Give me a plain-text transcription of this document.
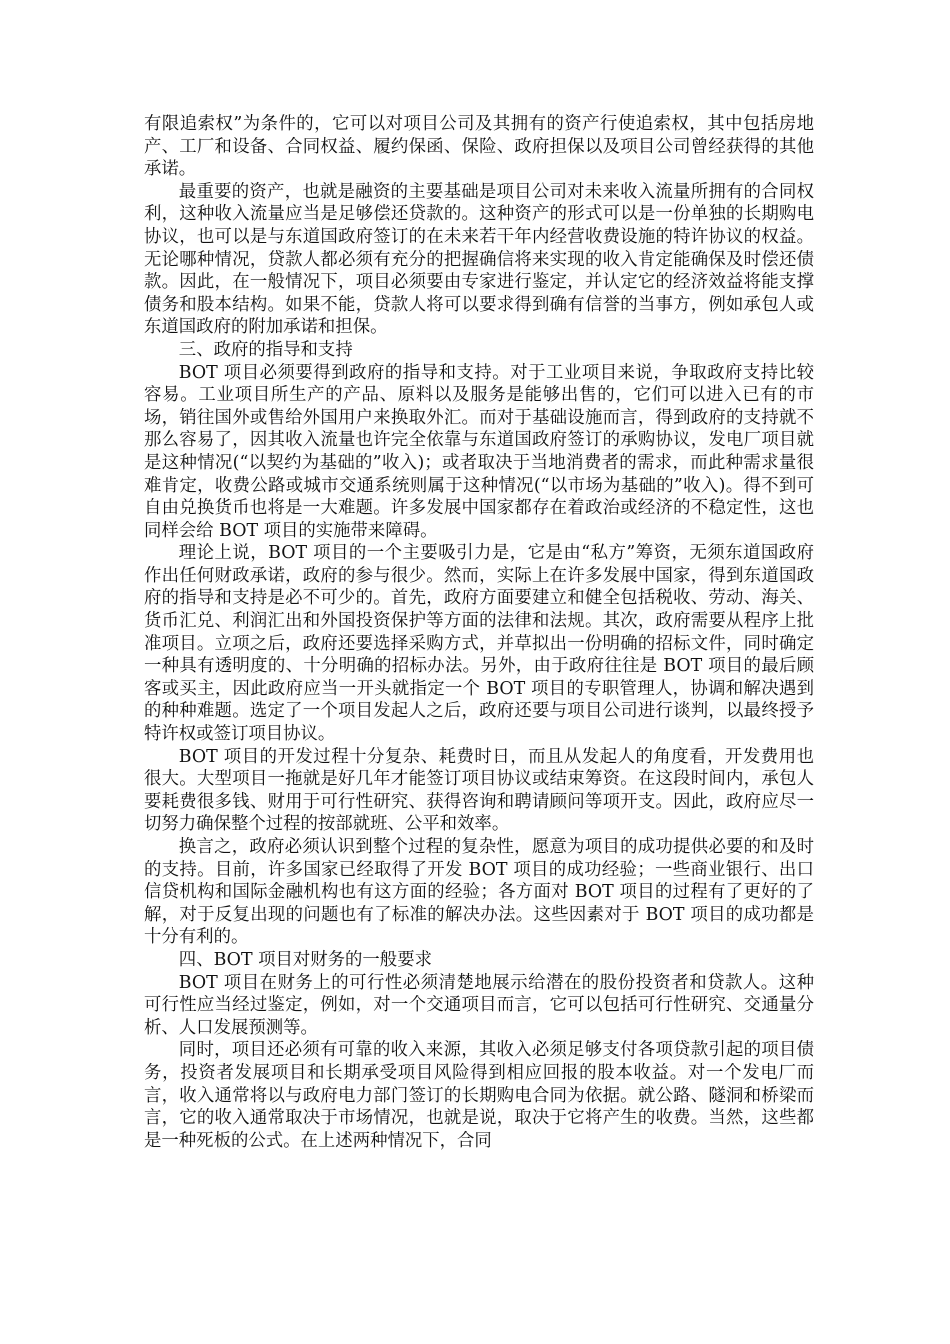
有限追索权”为条件的，它可以对项目公司及其拥有的资产行使追索权，其中包括房地产、工厂和设备、合同权益、履约保函、保险、政府担保以及项目公司曾经获得的其他承诺。

最重要的资产，也就是融资的主要基础是项目公司对未来收入流量所拥有的合同权利，这种收入流量应当是足够偿还贷款的。这种资产的形式可以是一份单独的长期购电协议，也可以是与东道国政府签订的在未来若干年内经营收费设施的特许协议的权益。无论哪种情况，贷款人都必须有充分的把握确信将来实现的收入肯定能确保及时偿还债款。因此，在一般情况下，项目必须要由专家进行鉴定，并认定它的经济效益将能支撑债务和股本结构。如果不能，贷款人将可以要求得到确有信誉的当事方，例如承包人或东道国政府的附加承诺和担保。

三、政府的指导和支持

BOT 项目必须要得到政府的指导和支持。对于工业项目来说，争取政府支持比较容易。工业项目所生产的产品、原料以及服务是能够出售的，它们可以进入已有的市场，销往国外或售给外国用户来换取外汇。而对于基础设施而言，得到政府的支持就不那么容易了，因其收入流量也许完全依靠与东道国政府签订的承购协议，发电厂项目就是这种情况(“以契约为基础的”收入)；或者取决于当地消费者的需求，而此种需求量很难肯定，收费公路或城市交通系统则属于这种情况(“以市场为基础的”收入)。得不到可自由兑换货币也将是一大难题。许多发展中国家都存在着政治或经济的不稳定性，这也同样会给 BOT 项目的实施带来障碍。

理论上说，BOT 项目的一个主要吸引力是，它是由“私方”筹资，无须东道国政府作出任何财政承诺，政府的参与很少。然而，实际上在许多发展中国家，得到东道国政府的指导和支持是必不可少的。首先，政府方面要建立和健全包括税收、劳动、海关、货币汇兑、利润汇出和外国投资保护等方面的法律和法规。其次，政府需要从程序上批准项目。立项之后，政府还要选择采购方式，并草拟出一份明确的招标文件，同时确定一种具有透明度的、十分明确的招标办法。另外，由于政府往往是 BOT 项目的最后顾客或买主，因此政府应当一开头就指定一个 BOT 项目的专职管理人，协调和解决遇到的种种难题。选定了一个项目发起人之后，政府还要与项目公司进行谈判，以最终授予特许权或签订项目协议。

BOT 项目的开发过程十分复杂、耗费时日，而且从发起人的角度看，开发费用也很大。大型项目一拖就是好几年才能签订项目协议或结束筹资。在这段时间内，承包人要耗费很多钱、财用于可行性研究、获得咨询和聘请顾问等项开支。因此，政府应尽一切努力确保整个过程的按部就班、公平和效率。

换言之，政府必须认识到整个过程的复杂性，愿意为项目的成功提供必要的和及时的支持。目前，许多国家已经取得了开发 BOT 项目的成功经验；一些商业银行、出口信贷机构和国际金融机构也有这方面的经验；各方面对 BOT 项目的过程有了更好的了解，对于反复出现的问题也有了标准的解决办法。这些因素对于 BOT 项目的成功都是十分有利的。

四、BOT 项目对财务的一般要求

BOT 项目在财务上的可行性必须清楚地展示给潜在的股份投资者和贷款人。这种可行性应当经过鉴定，例如，对一个交通项目而言，它可以包括可行性研究、交通量分析、人口发展预测等。

同时，项目还必须有可靠的收入来源，其收入必须足够支付各项贷款引起的项目债务，投资者发展项目和长期承受项目风险得到相应回报的股本收益。对一个发电厂而言，收入通常将以与政府电力部门签订的长期购电合同为依据。就公路、隧洞和桥梁而言，它的收入通常取决于市场情况，也就是说，取决于它将产生的收费。当然，这些都是一种死板的公式。在上述两种情况下，合同
